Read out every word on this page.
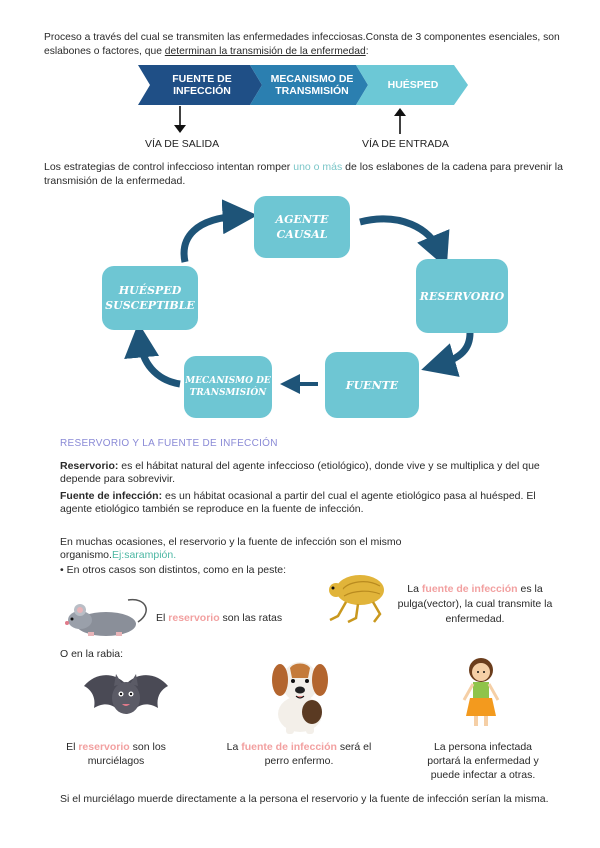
Proceso a través del cual se transmiten las enfermedades infecciosas.Consta de 3 componentes esenciales, son eslabones o factores, que determinan la transmisión de la enfermedad:
FUENTE DE INFECCIÓN
MECANISMO DE TRANSMISIÓN	HUÉSPED
VÍA DE SALIDA	VÍA DE ENTRADA
Los estrategias de control infeccioso intentan romper uno o más de los eslabones de la cadena para prevenir la transmisión de la enfermedad.
AGENTE CAUSAL
RESERVORIO
FUENTE
MECANISMO DE TRANSMISIÓN
HUÉSPED SUSCEPTIBLE
RESERVORIO Y LA FUENTE DE INFECCIÓN
Reservorio: es el hábitat natural del agente infeccioso (etiológico), donde vive y se multiplica y del que depende para sobrevivir.
Fuente de infección: es un hábitat ocasional a partir del cual el agente etiológico pasa al huésped. El agente etiológico también se reproduce en la fuente de infección.
En muchas ocasiones, el reservorio y la fuente de infección son el mismo organismo.Ej:sarampión.
• En otros casos son distintos, como en la peste:
El reservorio son las ratas
La fuente de infección es la pulga(vector), la cual transmite la enfermedad.
O en la rabia:
El reservorio son los murciélagos
La fuente de infección será el perro enfermo.
La persona infectada portará la enfermedad y puede infectar a otras.
Si el murciélago muerde directamente a la persona el reservorio y la fuente de infección serían la misma.
